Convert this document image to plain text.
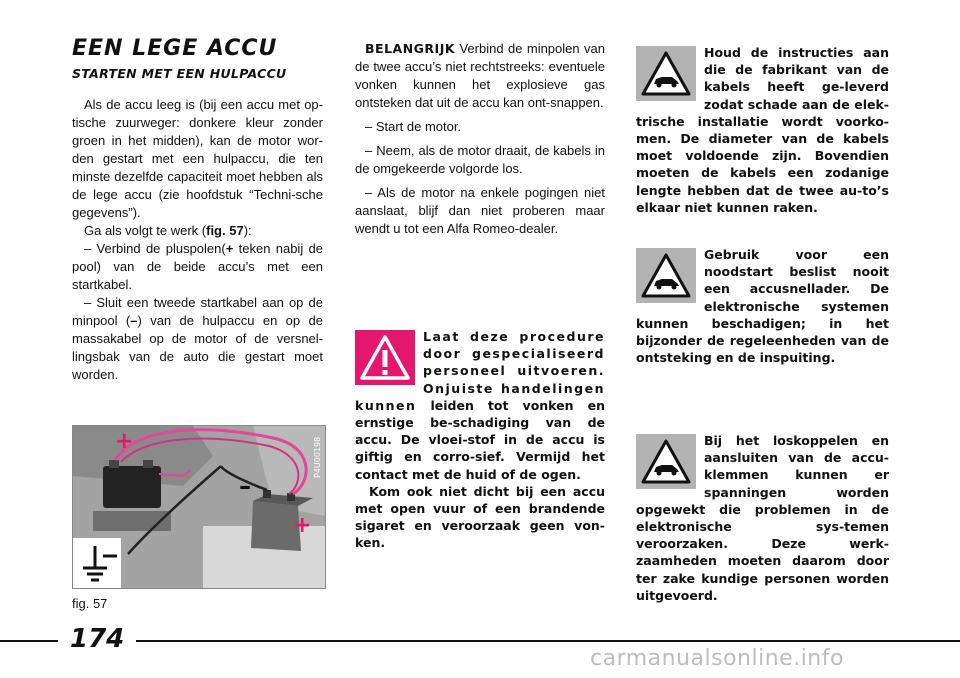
EEN LEGE ACCU
STARTEN MET EEN HULPACCU

Als de accu leeg is (bij een accu met op-tische zuurweger: donkere kleur zonder groen in het midden), kan de motor wor-den gestart met een hulpaccu, die ten minste dezelfde capaciteit moet hebben als de lege accu (zie hoofdstuk “Techni-sche gegevens”).

Ga als volgt te werk (fig. 57):

– Verbind de pluspolen(+ teken nabij de pool) van de beide accu’s met een startkabel.

– Sluit een tweede startkabel aan op de minpool (–) van de hulpaccu en op de massakabel op de motor of de versnel-lingsbak van de auto die gestart moet worden.

+
+
–
P4U00198
fig. 57

BELANGRIJK Verbind de minpolen van de twee accu’s niet rechtstreeks: eventuele vonken kunnen het explosieve gas ontsteken dat uit de accu kan ont-snappen.

– Start de motor.

– Neem, als de motor draait, de kabels in de omgekeerde volgorde los.

– Als de motor na enkele pogingen niet aanslaat, blijf dan niet proberen maar wendt u tot een Alfa Romeo-dealer.

Laat deze procedure door gespecialiseerd personeel uitvoeren. Onjuiste handelingen kunnen leiden tot vonken en ernstige be-schadiging van de accu. De vloei-stof in de accu is giftig en corro-sief. Vermijd het contact met de huid of de ogen.
Kom ook niet dicht bij een accu met open vuur of een brandende sigaret en veroorzaak geen von-ken.
Houd de instructies aan die de fabrikant van de kabels heeft ge-leverd zodat schade aan de elek-trische installatie wordt voorko-men. De diameter van de kabels moet voldoende zijn. Bovendien moeten de kabels een zodanige lengte hebben dat de twee au-to’s elkaar niet kunnen raken.
Gebruik voor een noodstart beslist nooit een accusnellader. De elektronische systemen kunnen beschadigen; in het bijzonder de regeleenheden van de ontsteking en de inspuiting.
Bij het loskoppelen en aansluiten van de accu-klemmen kunnen er spanningen worden opgewekt die problemen in de elektronische sys-temen veroorzaken. Deze werk-zaamheden moeten daarom door ter zake kundige personen worden uitgevoerd.
174
carmanualsonline.info
